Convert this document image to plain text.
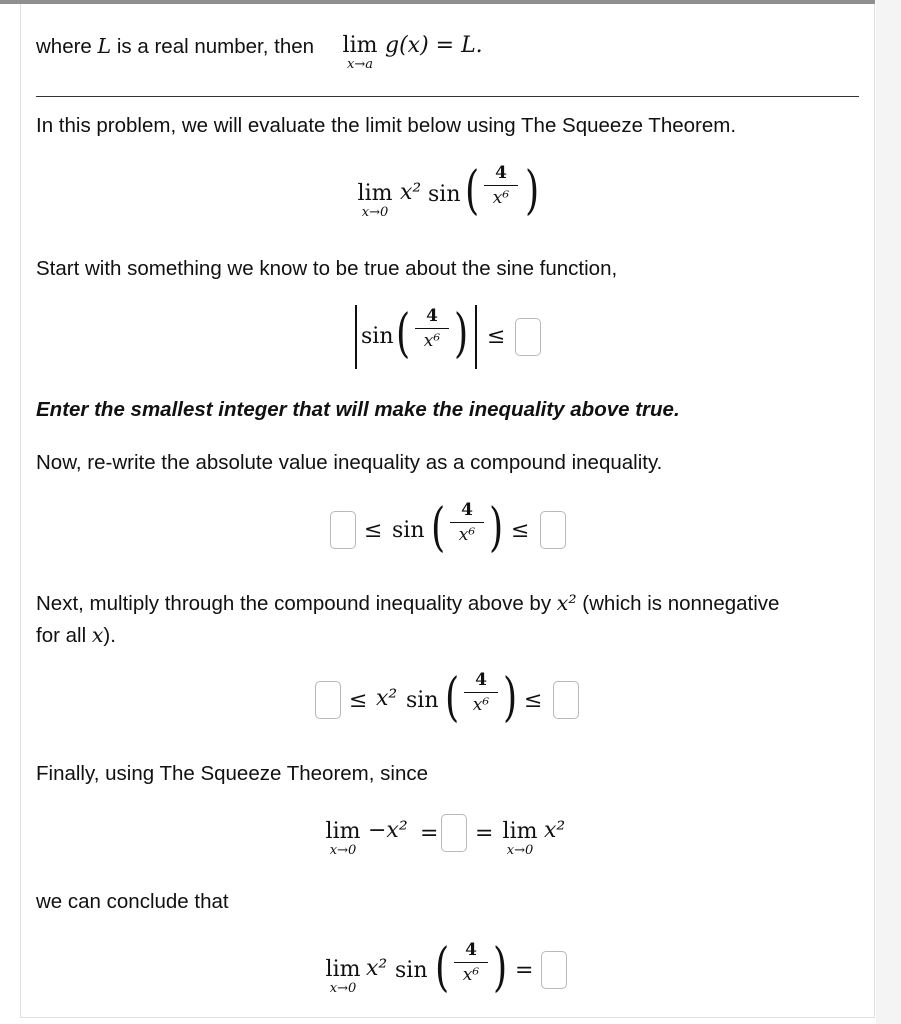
where L is a real number, then lim
x→a
g(x) = L.
In this problem, we will evaluate the limit below using The Squeeze Theorem.
lim
x→0
x² sin ( 4
x⁶ )
Start with something we know to be true about the sine function,
sin ( 4
x⁶ ) ≤
Enter the smallest integer that will make the inequality above true.
Now, re-write the absolute value inequality as a compound inequality.
≤ sin ( 4
x⁶ ) ≤
Next, multiply through the compound inequality above by x² (which is nonnegative
for all x).
≤ x² sin ( 4
x⁶ ) ≤
Finally, using The Squeeze Theorem, since
lim
x→0
−x² = = lim
x→0
x²
we can conclude that
lim
x→0
x² sin ( 4
x⁶ ) =
